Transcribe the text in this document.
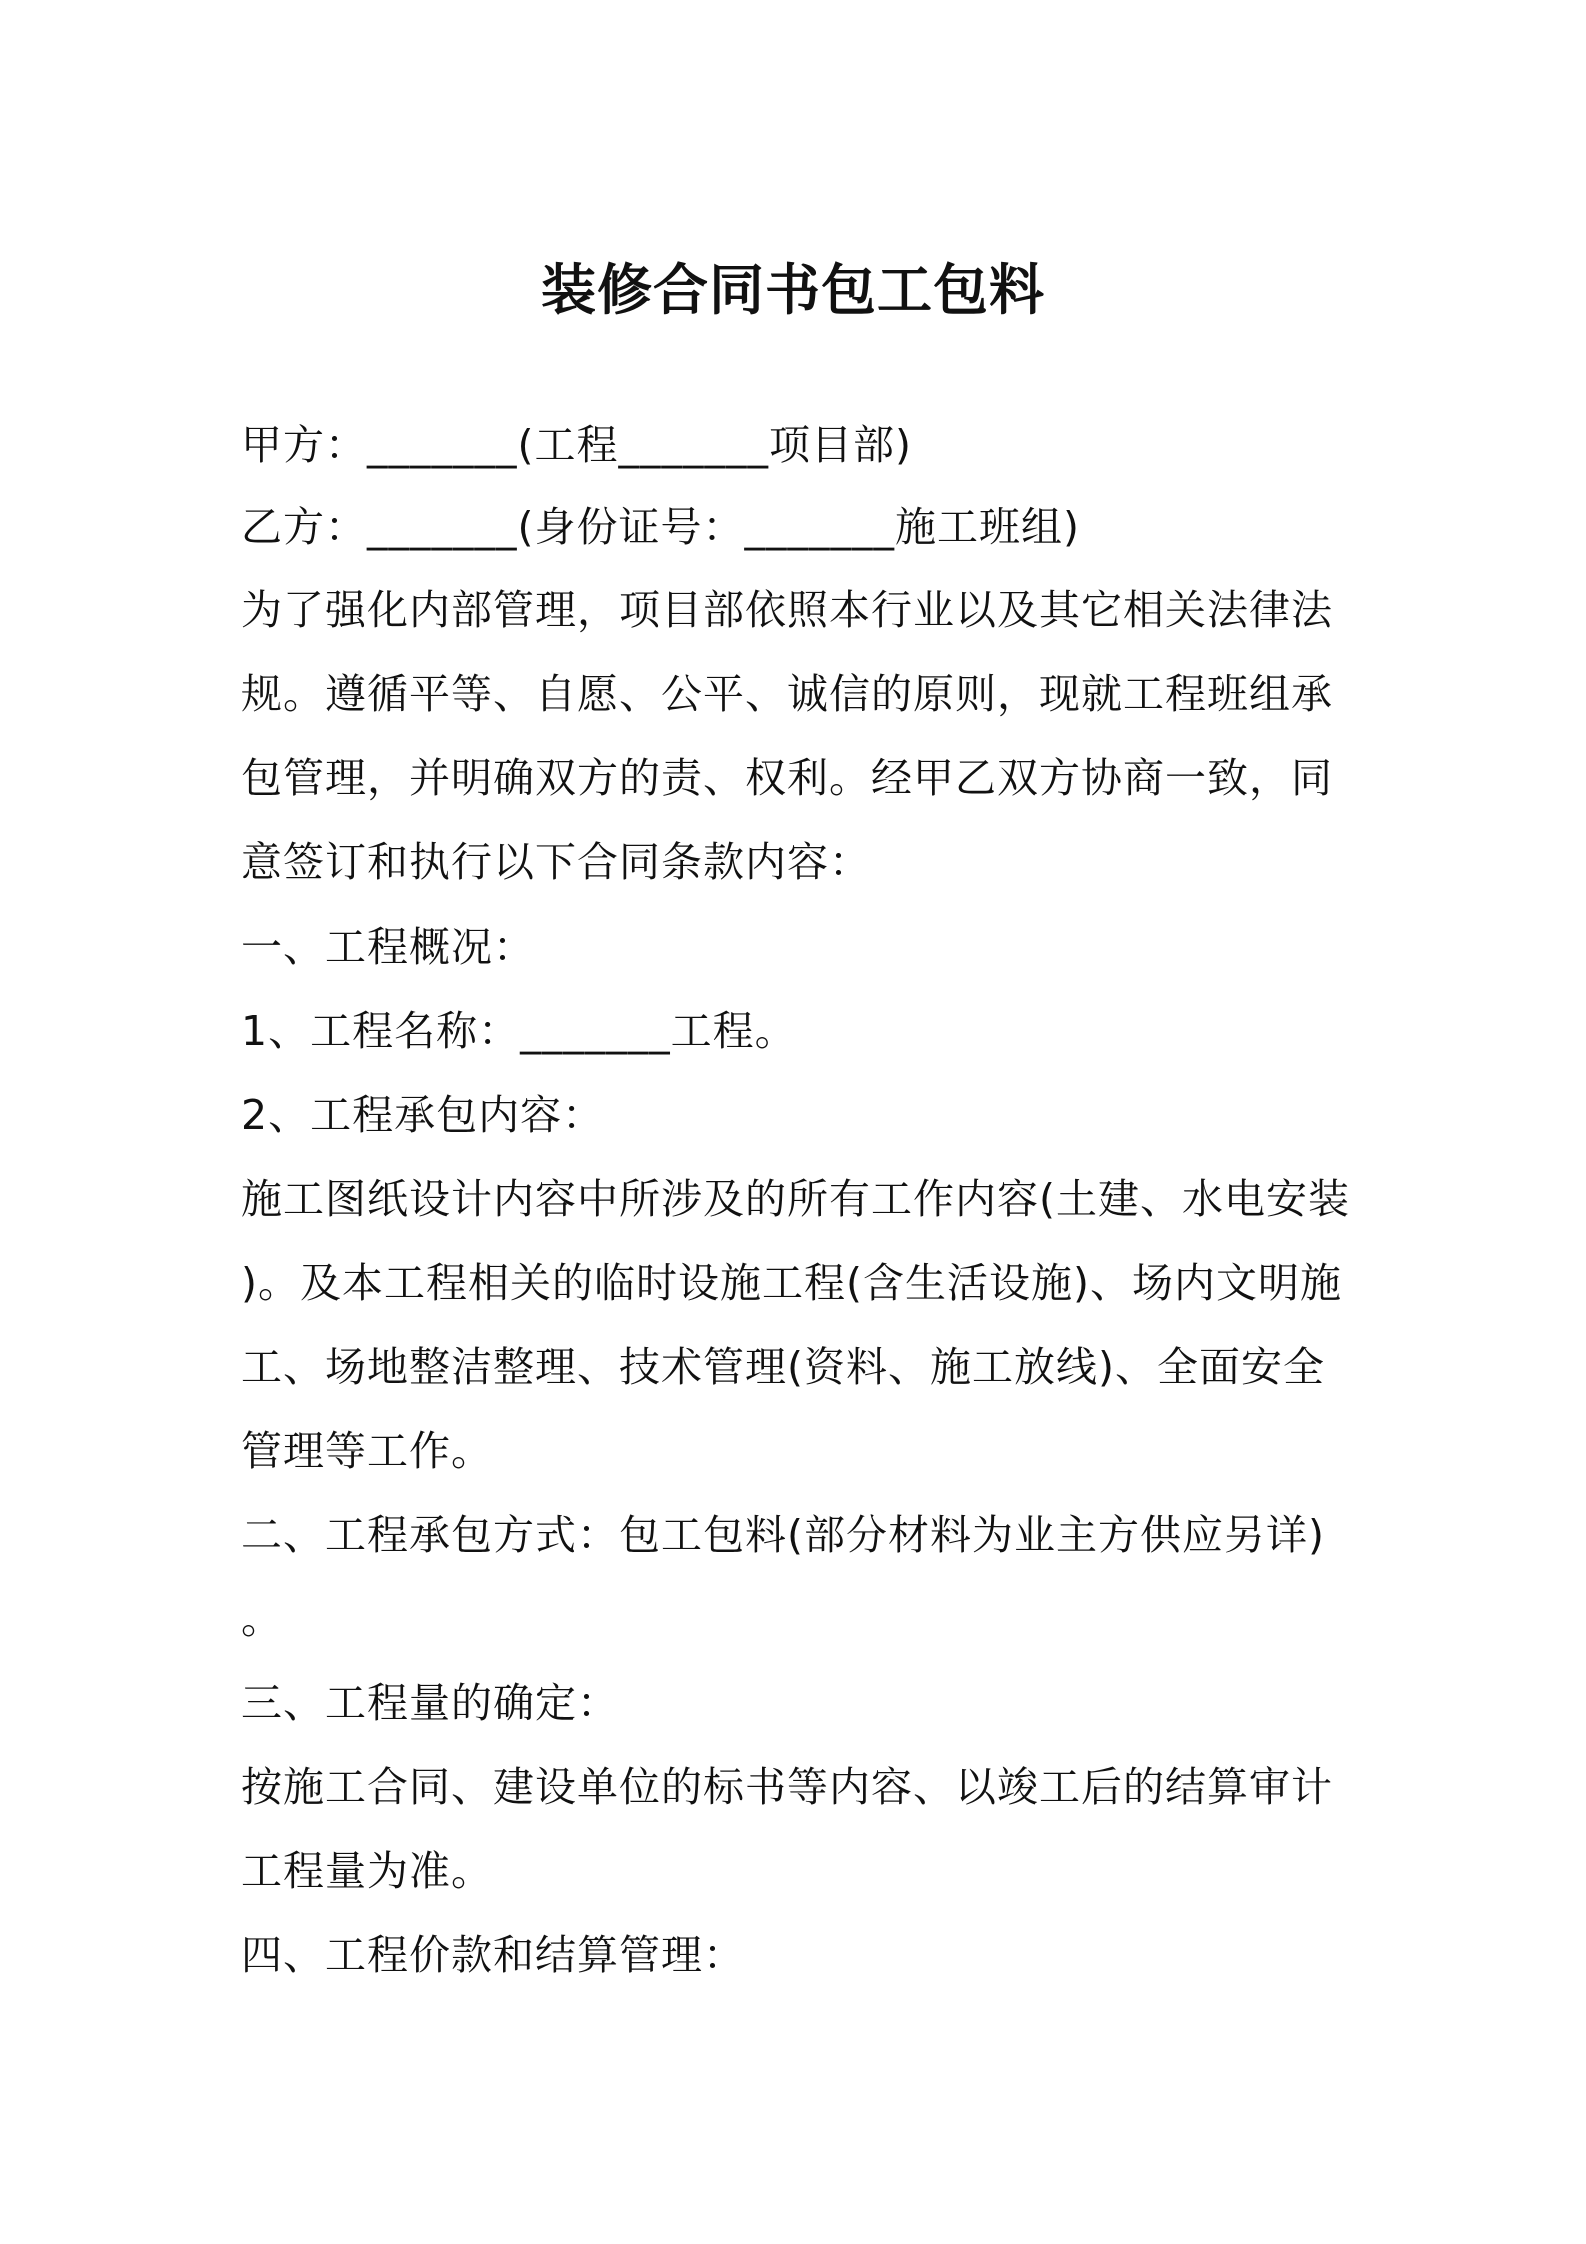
装修合同书包工包料
甲方：_______(工程_______项目部)
乙方：_______(身份证号：_______施工班组)
为了强化内部管理，项目部依照本行业以及其它相关法律法
规。遵循平等、自愿、公平、诚信的原则，现就工程班组承
包管理，并明确双方的责、权利。经甲乙双方协商一致，同
意签订和执行以下合同条款内容：
一、工程概况：
1、工程名称：_______工程。
2、工程承包内容：
施工图纸设计内容中所涉及的所有工作内容(土建、水电安装
)。及本工程相关的临时设施工程(含生活设施)、场内文明施
工、场地整洁整理、技术管理(资料、施工放线)、全面安全
管理等工作。
二、工程承包方式：包工包料(部分材料为业主方供应另详)
。
三、工程量的确定：
按施工合同、建设单位的标书等内容、以竣工后的结算审计
工程量为准。
四、工程价款和结算管理：
